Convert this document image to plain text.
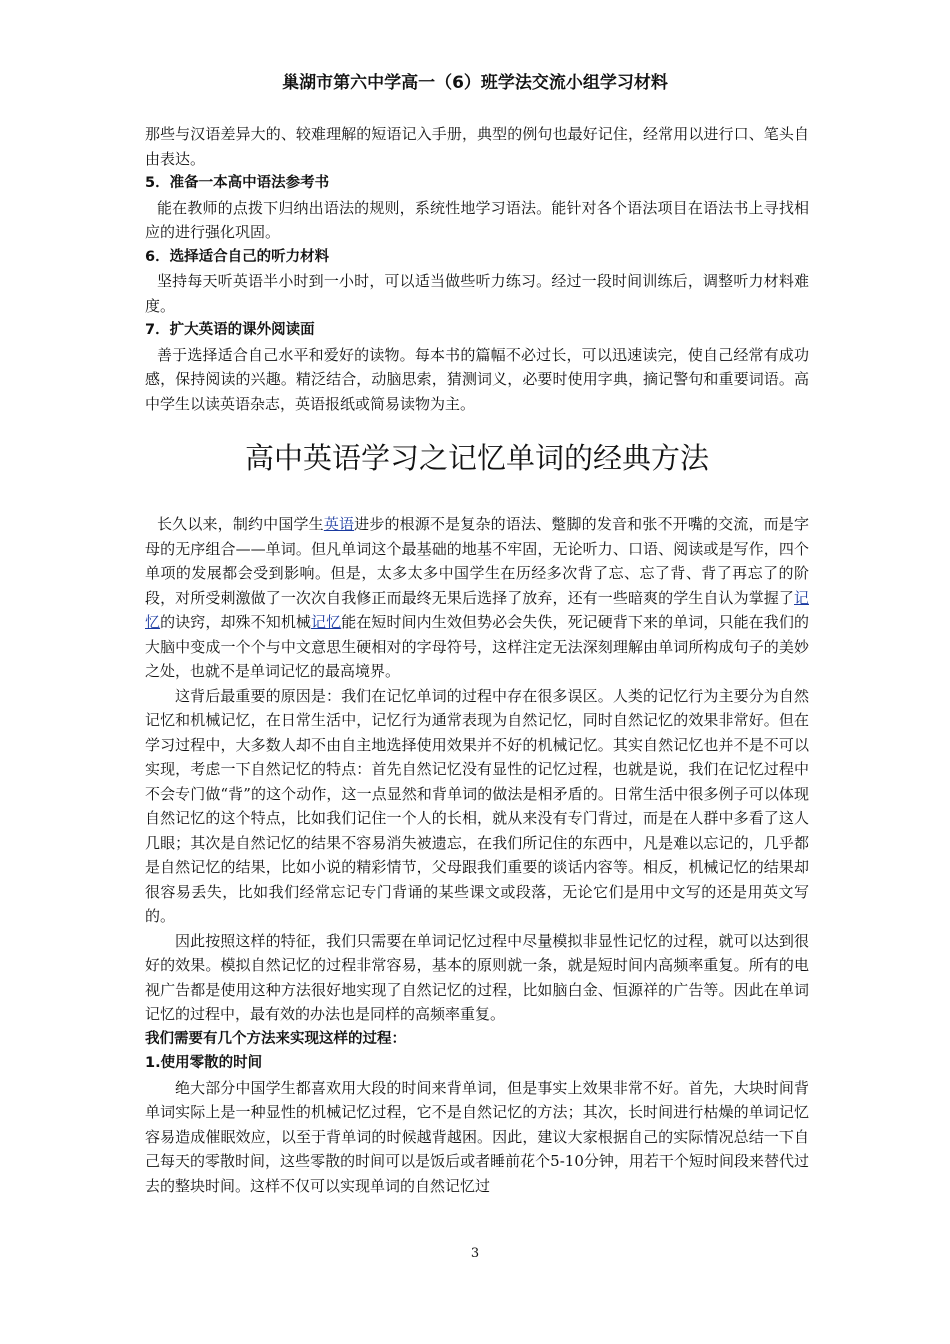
巢湖市第六中学高一（6）班学法交流小组学习材料

那些与汉语差异大的、较难理解的短语记入手册，典型的例句也最好记住，经常用以进行口、笔头自由表达。

5．准备一本高中语法参考书

能在教师的点拨下归纳出语法的规则，系统性地学习语法。能针对各个语法项目在语法书上寻找相应的进行强化巩固。

6．选择适合自己的听力材料

坚持每天听英语半小时到一小时，可以适当做些听力练习。经过一段时间训练后，调整听力材料难度。

7．扩大英语的课外阅读面

善于选择适合自己水平和爱好的读物。每本书的篇幅不必过长，可以迅速读完，使自己经常有成功感，保持阅读的兴趣。精泛结合，动脑思索，猜测词义，必要时使用字典，摘记警句和重要词语。高中学生以读英语杂志，英语报纸或简易读物为主。

高中英语学习之记忆单词的经典方法

长久以来，制约中国学生英语进步的根源不是复杂的语法、蹩脚的发音和张不开嘴的交流，而是字母的无序组合——单词。但凡单词这个最基础的地基不牢固，无论听力、口语、阅读或是写作，四个单项的发展都会受到影响。但是，太多太多中国学生在历经多次背了忘、忘了背、背了再忘了的阶段，对所受刺激做了一次次自我修正而最终无果后选择了放弃，还有一些暗爽的学生自认为掌握了记忆的诀窍，却殊不知机械记忆能在短时间内生效但势必会失佚，死记硬背下来的单词，只能在我们的大脑中变成一个个与中文意思生硬相对的字母符号，这样注定无法深刻理解由单词所构成句子的美妙之处，也就不是单词记忆的最高境界。

这背后最重要的原因是：我们在记忆单词的过程中存在很多误区。人类的记忆行为主要分为自然记忆和机械记忆，在日常生活中，记忆行为通常表现为自然记忆，同时自然记忆的效果非常好。但在学习过程中，大多数人却不由自主地选择使用效果并不好的机械记忆。其实自然记忆也并不是不可以实现，考虑一下自然记忆的特点：首先自然记忆没有显性的记忆过程，也就是说，我们在记忆过程中不会专门做“背”的这个动作，这一点显然和背单词的做法是相矛盾的。日常生活中很多例子可以体现自然记忆的这个特点，比如我们记住一个人的长相，就从来没有专门背过，而是在人群中多看了这人几眼；其次是自然记忆的结果不容易消失被遗忘，在我们所记住的东西中，凡是难以忘记的，几乎都是自然记忆的结果，比如小说的精彩情节，父母跟我们重要的谈话内容等。相反，机械记忆的结果却很容易丢失，比如我们经常忘记专门背诵的某些课文或段落，无论它们是用中文写的还是用英文写的。

因此按照这样的特征，我们只需要在单词记忆过程中尽量模拟非显性记忆的过程，就可以达到很好的效果。模拟自然记忆的过程非常容易，基本的原则就一条，就是短时间内高频率重复。所有的电视广告都是使用这种方法很好地实现了自然记忆的过程，比如脑白金、恒源祥的广告等。因此在单词记忆的过程中，最有效的办法也是同样的高频率重复。

我们需要有几个方法来实现这样的过程：

1.使用零散的时间

绝大部分中国学生都喜欢用大段的时间来背单词，但是事实上效果非常不好。首先，大块时间背单词实际上是一种显性的机械记忆过程，它不是自然记忆的方法；其次，长时间进行枯燥的单词记忆容易造成催眠效应，以至于背单词的时候越背越困。因此，建议大家根据自己的实际情况总结一下自己每天的零散时间，这些零散的时间可以是饭后或者睡前花个5-10分钟，用若干个短时间段来替代过去的整块时间。这样不仅可以实现单词的自然记忆过

3
